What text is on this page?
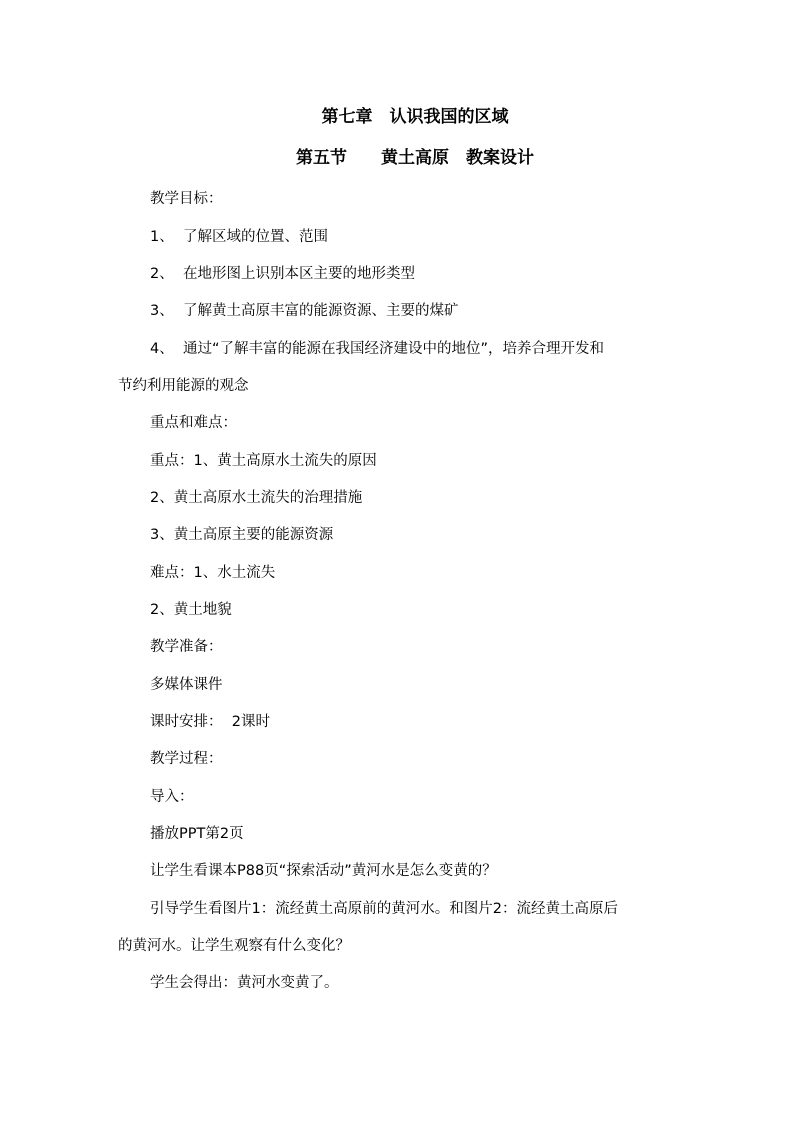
第七章　认识我国的区域

第五节　　黄土高原　教案设计

教学目标：

1、  了解区域的位置、范围

2、  在地形图上识别本区主要的地形类型

3、  了解黄土高原丰富的能源资源、主要的煤矿

4、  通过“了解丰富的能源在我国经济建设中的地位”，培养合理开发和

节约利用能源的观念

重点和难点：

重点：1、黄土高原水土流失的原因

2、黄土高原水土流失的治理措施

3、黄土高原主要的能源资源

难点：1、水土流失

2、黄土地貌

教学准备：

多媒体课件

课时安排：  2课时

教学过程：

导入：

播放PPT第2页

让学生看课本P88页“探索活动”黄河水是怎么变黄的？

引导学生看图片1：流经黄土高原前的黄河水。和图片2：流经黄土高原后

的黄河水。让学生观察有什么变化？

学生会得出：黄河水变黄了。
